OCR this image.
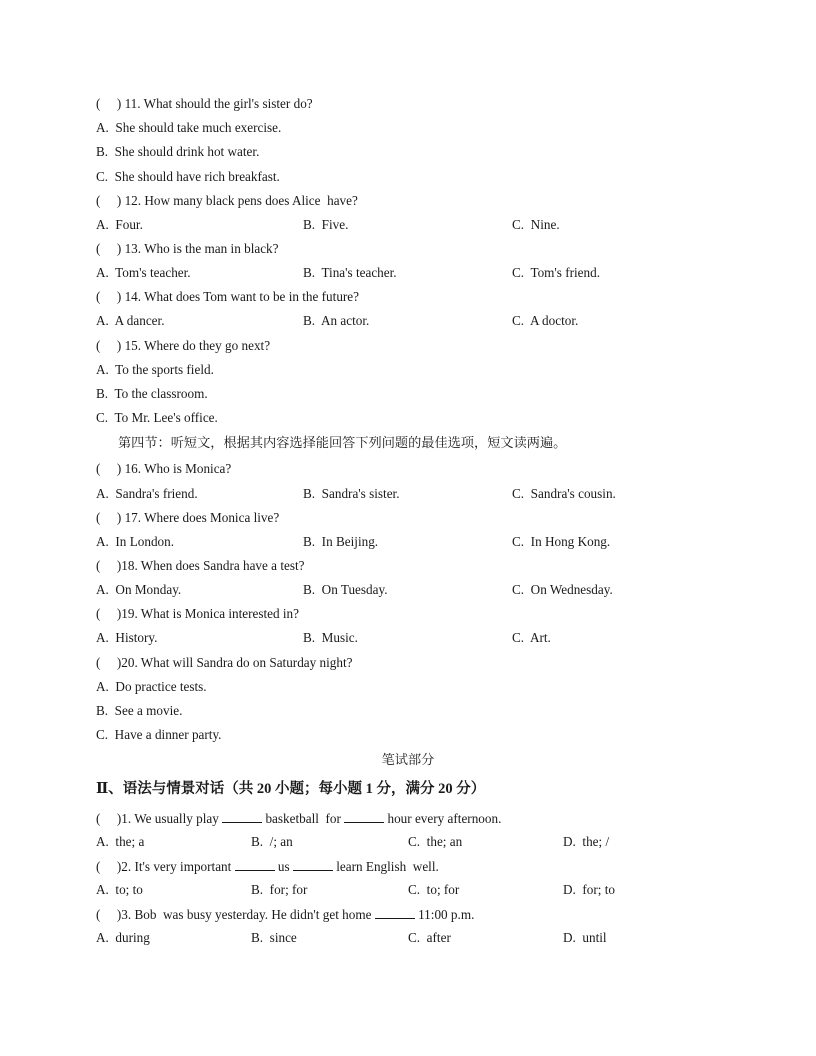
(     ) 11. What should the girl's sister do?
A.  She should take much exercise.
B.  She should drink hot water.
C.  She should have rich breakfast.
(     ) 12. How many black pens does Alice  have?
A.  Four.	B.  Five.	C.  Nine.
(     ) 13. Who is the man in black?
A.  Tom's teacher.	B.  Tina's teacher.	C.  Tom's friend.
(     ) 14. What does Tom want to be in the future?
A.  A dancer.	B.  An actor.	C.  A doctor.
(     ) 15. Where do they go next?
A.  To the sports field.
B.  To the classroom.
C.  To Mr. Lee's office.
第四节：听短文，根据其内容选择能回答下列问题的最佳选项，短文读两遍。
(     ) 16. Who is Monica?
A.  Sandra's friend.	B.  Sandra's sister.	C.  Sandra's cousin.
(     ) 17. Where does Monica live?
A.  In London.	B.  In Beijing.	C.  In Hong Kong.
(     )18. When does Sandra have a test?
A.  On Monday.	B.  On Tuesday.	C.  On Wednesday.
(     )19. What is Monica interested in?
A.  History.	B.  Music.	C.  Art.
(     )20. What will Sandra do on Saturday night?
A.  Do practice tests.
B.  See a movie.
C.  Have a dinner party.
笔试部分
Ⅱ、语法与情景对话（共 20 小题；每小题 1 分，满分 20 分）
(     )1. We usually play	basketball  for	hour every afternoon.
A.  the; a	B.  /; an	C.  the; an	D.  the; /
(     )2. It's very important	us	learn English  well.
A.  to; to	B.  for; for	C.  to; for	D.  for; to
(     )3. Bob  was busy yesterday. He didn't get home	11:00 p.m.
A.  during	B.  since	C.  after	D.  until
